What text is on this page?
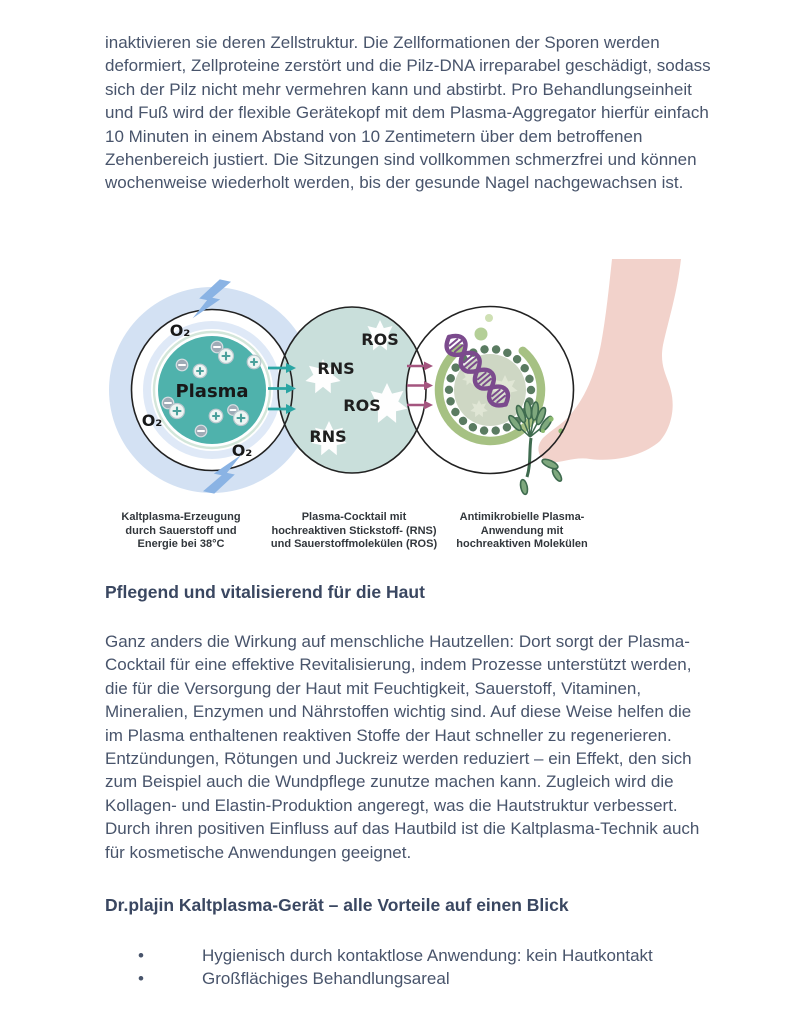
inaktivieren sie deren Zellstruktur. Die Zellformationen der Sporen werden deformiert, Zellproteine zerstört und die Pilz-DNA irreparabel geschädigt, sodass sich der Pilz nicht mehr vermehren kann und abstirbt. Pro Behandlungseinheit und Fuß wird der flexible Gerätekopf mit dem Plasma-Aggregator hierfür einfach 10 Minuten in einem Abstand von 10 Zentimetern über dem betroffenen Zehenbereich justiert. Die Sitzungen sind vollkommen schmerzfrei und können wochenweise wiederholt werden, bis der gesunde Nagel nachgewachsen ist.

Plasma
O₂
O₂
O₂
ROS
RNS
ROS
RNS
Kaltplasma-Erzeugung durch Sauerstoff und Energie bei 38°C
Plasma-Cocktail mit hochreaktiven Stickstoff- (RNS) und Sauerstoffmolekülen (ROS)
Antimikrobielle Plasma-Anwendung mit hochreaktiven Molekülen
Pflegend und vitalisierend für die Haut

Ganz anders die Wirkung auf menschliche Hautzellen: Dort sorgt der Plasma-Cocktail für eine effektive Revitalisierung, indem Prozesse unterstützt werden, die für die Versorgung der Haut mit Feuchtigkeit, Sauerstoff, Vitaminen, Mineralien, Enzymen und Nährstoffen wichtig sind. Auf diese Weise helfen die im Plasma enthaltenen reaktiven Stoffe der Haut schneller zu regenerieren. Entzündungen, Rötungen und Juckreiz werden reduziert – ein Effekt, den sich zum Beispiel auch die Wundpflege zunutze machen kann. Zugleich wird die Kollagen- und Elastin-Produktion angeregt, was die Hautstruktur verbessert. Durch ihren positiven Einfluss auf das Hautbild ist die Kaltplasma-Technik auch für kosmetische Anwendungen geeignet.

Dr.plajin Kaltplasma-Gerät – alle Vorteile auf einen Blick
• Hygienisch durch kontaktlose Anwendung: kein Hautkontakt
• Großflächiges Behandlungsareal
